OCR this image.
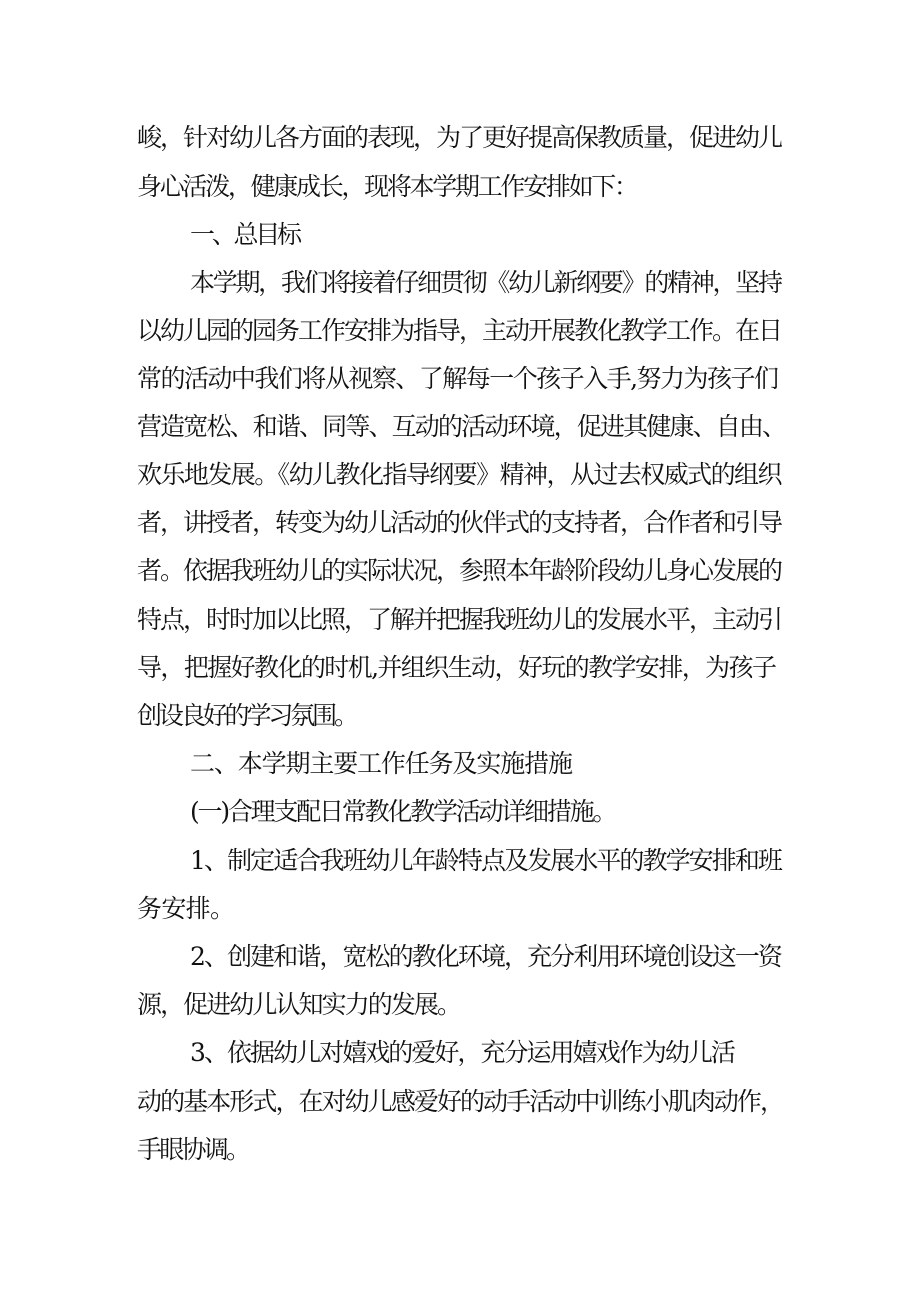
峻，针对幼儿各方面的表现，为了更好提高保教质量，促进幼儿
身心活泼，健康成长，现将本学期工作安排如下：
一、总目标
本学期，我们将接着仔细贯彻《幼儿新纲要》的精神，坚持
以幼儿园的园务工作安排为指导，主动开展教化教学工作。在日
常的活动中我们将从视察、了解每一个孩子入手,努力为孩子们
营造宽松、和谐、同等、互动的活动环境，促进其健康、自由、
欢乐地发展。《幼儿教化指导纲要》精神，从过去权威式的组织
者，讲授者，转变为幼儿活动的伙伴式的支持者，合作者和引导
者。依据我班幼儿的实际状况，参照本年龄阶段幼儿身心发展的
特点，时时加以比照，了解并把握我班幼儿的发展水平，主动引
导，把握好教化的时机,并组织生动，好玩的教学安排，为孩子
创设良好的学习氛围。
二、本学期主要工作任务及实施措施
(一)合理支配日常教化教学活动详细措施。
1、制定适合我班幼儿年龄特点及发展水平的教学安排和班
务安排。
2、创建和谐，宽松的教化环境，充分利用环境创设这一资
源，促进幼儿认知实力的发展。
3、依据幼儿对嬉戏的爱好，充分运用嬉戏作为幼儿活
动的基本形式，在对幼儿感爱好的动手活动中训练小肌肉动作，
手眼协调。
